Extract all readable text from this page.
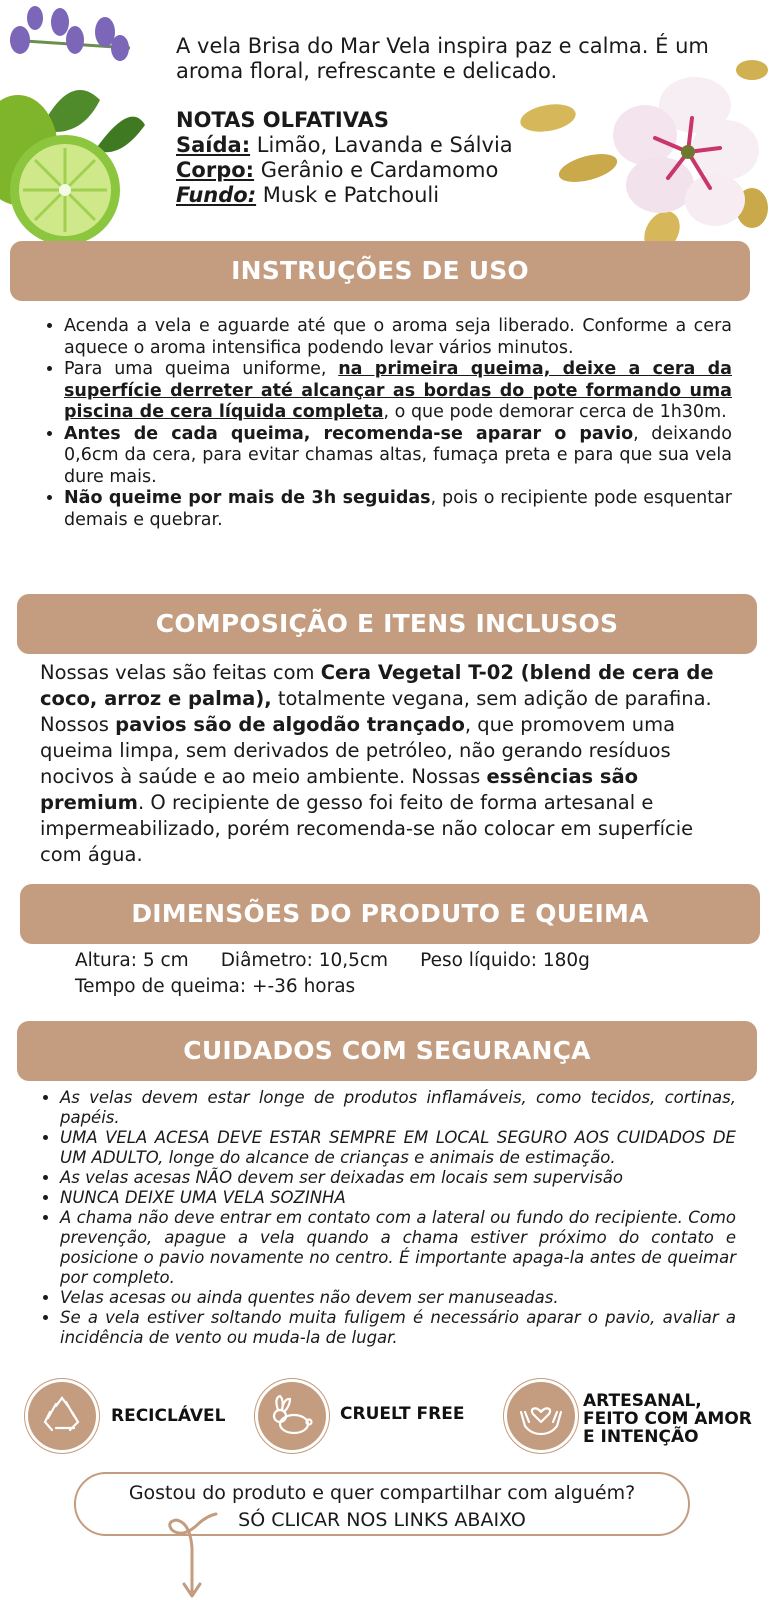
A vela Brisa do Mar Vela inspira paz e calma. É um aroma floral, refrescante e delicado.
NOTAS OLFATIVAS
Saída: Limão, Lavanda e Sálvia
Corpo: Gerânio e Cardamomo
Fundo: Musk e Patchouli
INSTRUÇÕES DE USO
• Acenda a vela e aguarde até que o aroma seja liberado. Conforme a cera aquece o aroma intensifica podendo levar vários minutos.
• Para uma queima uniforme, na primeira queima, deixe a cera da superfície derreter até alcançar as bordas do pote formando uma piscina de cera líquida completa, o que pode demorar cerca de 1h30m.
• Antes de cada queima, recomenda-se aparar o pavio, deixando 0,6cm da cera, para evitar chamas altas, fumaça preta e para que sua vela dure mais.
• Não queime por mais de 3h seguidas, pois o recipiente pode esquentar demais e quebrar.
COMPOSIÇÃO E ITENS INCLUSOS
Nossas velas são feitas com Cera Vegetal T-02 (blend de cera de coco, arroz e palma), totalmente vegana, sem adição de parafina. Nossos pavios são de algodão trançado, que promovem uma queima limpa, sem derivados de petróleo, não gerando resíduos nocivos à saúde e ao meio ambiente. Nossas essências são premium. O recipiente de gesso foi feito de forma artesanal e impermeabilizado, porém recomenda-se não colocar em superfície com água.
DIMENSÕES DO PRODUTO E QUEIMA
Altura: 5 cm Diâmetro: 10,5cm Peso líquido: 180g
Tempo de queima: +-36 horas
CUIDADOS COM SEGURANÇA
• As velas devem estar longe de produtos inflamáveis, como tecidos, cortinas, papéis.
• UMA VELA ACESA DEVE ESTAR SEMPRE EM LOCAL SEGURO AOS CUIDADOS DE UM ADULTO, longe do alcance de crianças e animais de estimação.
• As velas acesas NÃO devem ser deixadas em locais sem supervisão
• NUNCA DEIXE UMA VELA SOZINHA
• A chama não deve entrar em contato com a lateral ou fundo do recipiente. Como prevenção, apague a vela quando a chama estiver próximo do contato e posicione o pavio novamente no centro. É importante apaga-la antes de queimar por completo.
• Velas acesas ou ainda quentes não devem ser manuseadas.
• Se a vela estiver soltando muita fuligem é necessário aparar o pavio, avaliar a incidência de vento ou muda-la de lugar.
RECICLÁVEL	CRUELT FREE
ARTESANAL,
FEITO COM AMOR
E INTENÇÃO
Gostou do produto e quer compartilhar com alguém?
SÓ CLICAR NOS LINKS ABAIXO
